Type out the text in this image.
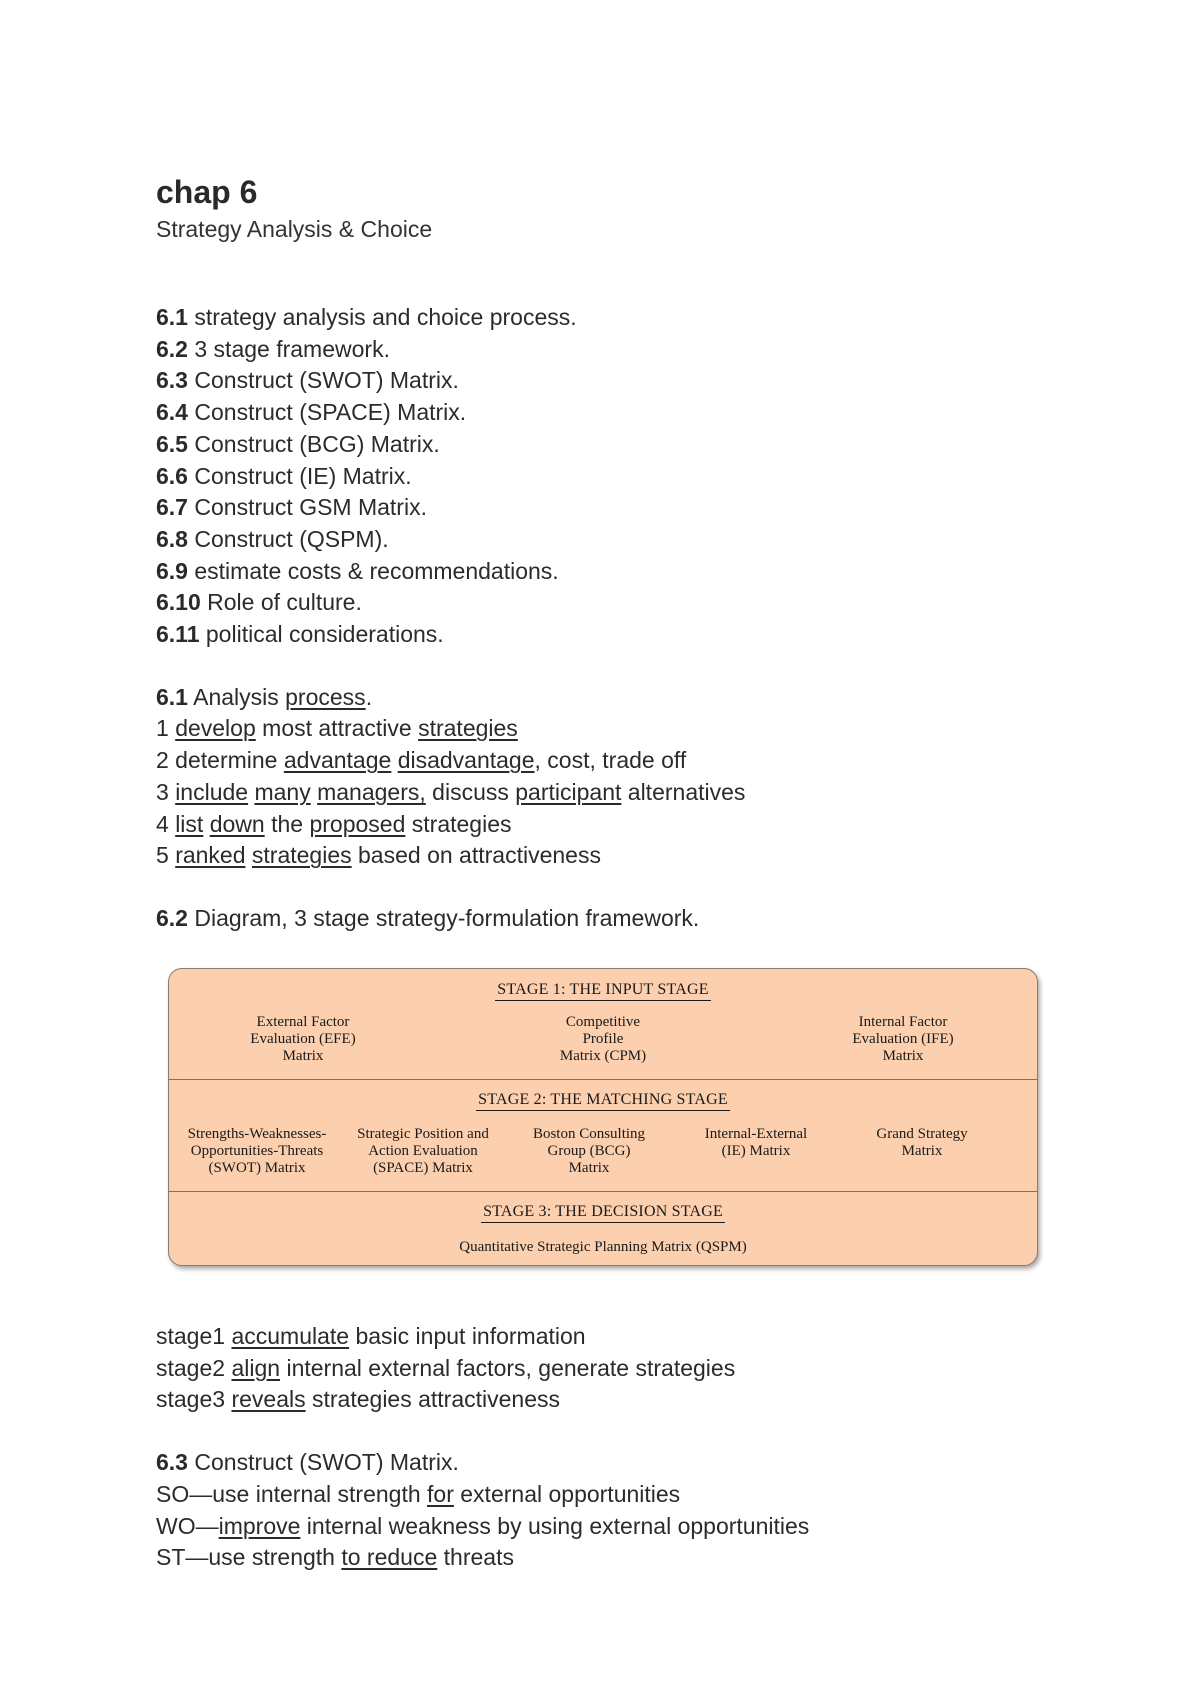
chap 6
Strategy Analysis & Choice
6.1 strategy analysis and choice process.
6.2 3 stage framework.
6.3 Construct (SWOT) Matrix.
6.4 Construct (SPACE) Matrix.
6.5 Construct (BCG) Matrix.
6.6 Construct (IE) Matrix.
6.7 Construct GSM Matrix.
6.8 Construct (QSPM).
6.9 estimate costs & recommendations.
6.10 Role of culture.
6.11 political considerations.
6.1 Analysis process.
1 develop most attractive strategies
2 determine advantage disadvantage, cost, trade off
3 include many managers, discuss participant alternatives
4 list down the proposed strategies
5 ranked strategies based on attractiveness
6.2 Diagram, 3 stage strategy-formulation framework.
STAGE 1: THE INPUT STAGE
External Factor
Evaluation (EFE)
Matrix
Competitive
Profile
Matrix (CPM)
Internal Factor
Evaluation (IFE)
Matrix
STAGE 2: THE MATCHING STAGE
Strengths-Weaknesses-
Opportunities-Threats
(SWOT) Matrix
Strategic Position and
Action Evaluation
(SPACE) Matrix
Boston Consulting
Group (BCG)
Matrix
Internal-External
(IE) Matrix
Grand Strategy
Matrix
STAGE 3: THE DECISION STAGE
Quantitative Strategic Planning Matrix (QSPM)
stage1 accumulate basic input information
stage2 align internal external factors, generate strategies
stage3 reveals strategies attractiveness
6.3 Construct (SWOT) Matrix.
SO—use internal strength for external opportunities
WO—improve internal weakness by using external opportunities
ST—use strength to reduce threats
